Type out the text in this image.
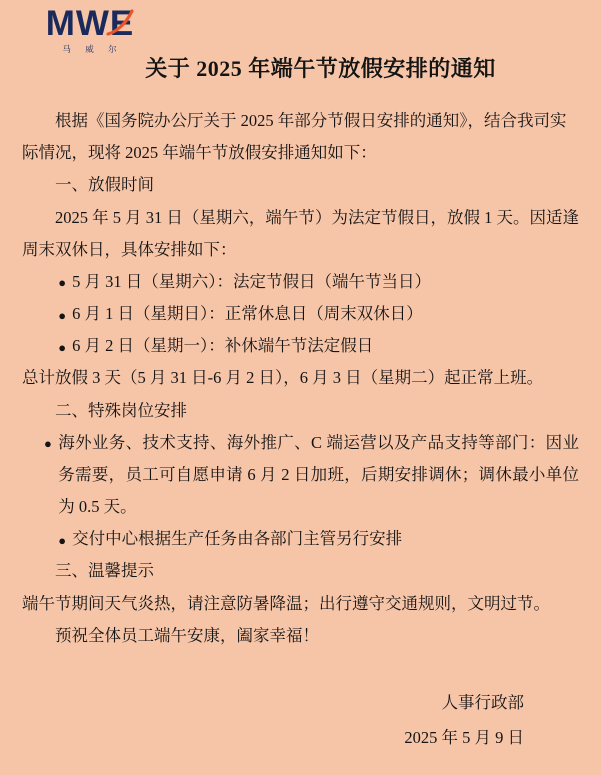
MWE
马 威 尔
关于 2025 年端午节放假安排的通知

根据《国务院办公厅关于 2025 年部分节假日安排的通知》，结合我司实际情况，现将 2025 年端午节放假安排通知如下：

一、放假时间

2025 年 5 月 31 日（星期六，端午节）为法定节假日，放假 1 天。因适逢周末双休日，具体安排如下：

● 5 月 31 日（星期六）：法定节假日（端午节当日）

● 6 月 1 日（星期日）：正常休息日（周末双休日）

● 6 月 2 日（星期一）：补休端午节法定假日

总计放假 3 天（5 月 31 日-6 月 2 日），6 月 3 日（星期二）起正常上班。

二、特殊岗位安排

● 海外业务、技术支持、海外推广、C 端运营以及产品支持等部门：因业务需要，员工可自愿申请 6 月 2 日加班，后期安排调休；调休最小单位为 0.5 天。

● 交付中心根据生产任务由各部门主管另行安排

三、温馨提示

端午节期间天气炎热，请注意防暑降温；出行遵守交通规则，文明过节。

预祝全体员工端午安康，阖家幸福！

人事行政部
2025 年 5 月 9 日
